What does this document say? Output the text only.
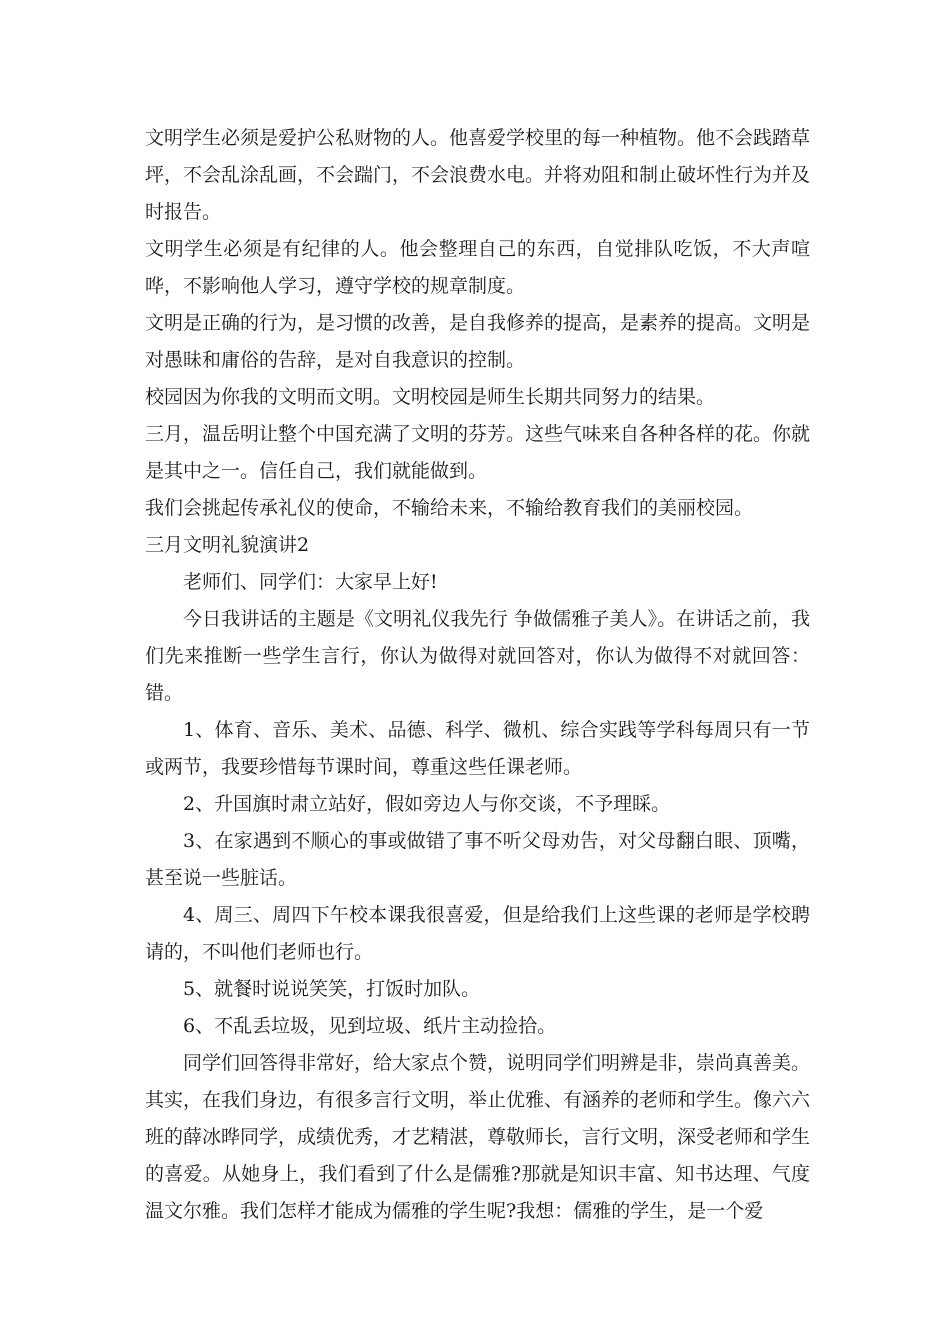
文明学生必须是爱护公私财物的人。他喜爱学校里的每一种植物。他不会践踏草坪，不会乱涂乱画，不会踹门，不会浪费水电。并将劝阻和制止破坏性行为并及时报告。

文明学生必须是有纪律的人。他会整理自己的东西，自觉排队吃饭，不大声喧哗，不影响他人学习，遵守学校的规章制度。

文明是正确的行为，是习惯的改善，是自我修养的提高，是素养的提高。文明是对愚昧和庸俗的告辞，是对自我意识的控制。

校园因为你我的文明而文明。文明校园是师生长期共同努力的结果。

三月，温岳明让整个中国充满了文明的芬芳。这些气味来自各种各样的花。你就是其中之一。信任自己，我们就能做到。

我们会挑起传承礼仪的使命，不输给未来，不输给教育我们的美丽校园。

三月文明礼貌演讲2

老师们、同学们：大家早上好!

今日我讲话的主题是《文明礼仪我先行 争做儒雅子美人》。在讲话之前，我们先来推断一些学生言行，你认为做得对就回答对，你认为做得不对就回答：错。

1、体育、音乐、美术、品德、科学、微机、综合实践等学科每周只有一节或两节，我要珍惜每节课时间，尊重这些任课老师。

2、升国旗时肃立站好，假如旁边人与你交谈，不予理睬。

3、在家遇到不顺心的事或做错了事不听父母劝告，对父母翻白眼、顶嘴，甚至说一些脏话。

4、周三、周四下午校本课我很喜爱，但是给我们上这些课的老师是学校聘请的，不叫他们老师也行。

5、就餐时说说笑笑，打饭时加队。

6、不乱丢垃圾，见到垃圾、纸片主动捡拾。

同学们回答得非常好，给大家点个赞，说明同学们明辨是非，崇尚真善美。其实，在我们身边，有很多言行文明，举止优雅、有涵养的老师和学生。像六六班的薛冰晔同学，成绩优秀，才艺精湛，尊敬师长，言行文明，深受老师和学生的喜爱。从她身上，我们看到了什么是儒雅?那就是知识丰富、知书达理、气度温文尔雅。我们怎样才能成为儒雅的学生呢?我想：儒雅的学生，是一个爱
